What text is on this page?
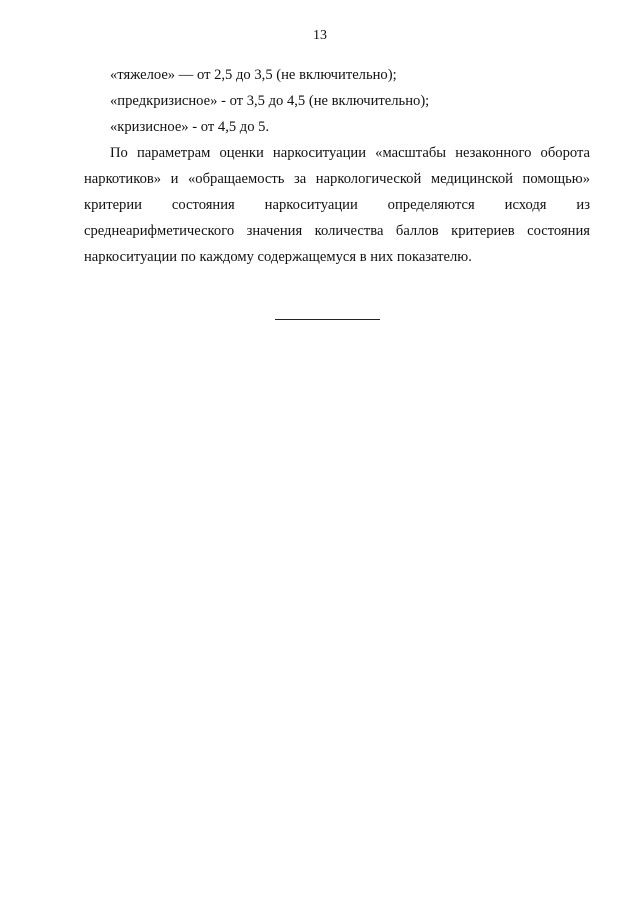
13

«тяжелое» — от 2,5 до 3,5 (не включительно);

«предкризисное» - от 3,5 до 4,5 (не включительно);

«кризисное» - от 4,5 до 5.

По параметрам оценки наркоситуации «масштабы незаконного оборота наркотиков» и «обращаемость за наркологической медицинской помощью» критерии состояния наркоситуации определяются исходя из среднеарифметического значения количества баллов критериев состояния наркоситуации по каждому содержащемуся в них показателю.
